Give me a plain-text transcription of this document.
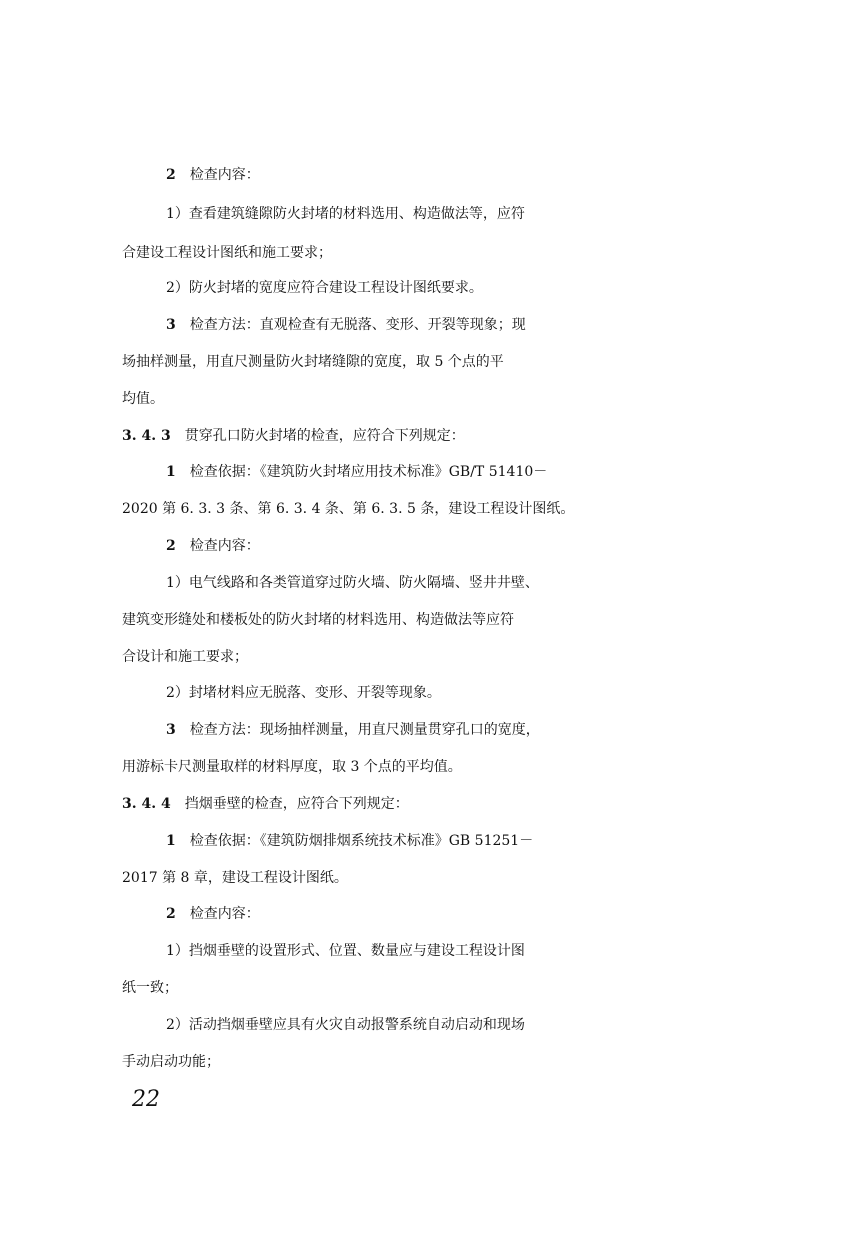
2 检查内容：
1）查看建筑缝隙防火封堵的材料选用、构造做法等，应符
合建设工程设计图纸和施工要求；
2）防火封堵的宽度应符合建设工程设计图纸要求。
3 检查方法：直观检查有无脱落、变形、开裂等现象；现
场抽样测量，用直尺测量防火封堵缝隙的宽度，取 5 个点的平
均值。
3. 4. 3 贯穿孔口防火封堵的检查，应符合下列规定：
1 检查依据：《建筑防火封堵应用技术标准》GB/T 51410－
2020 第 6. 3. 3 条、第 6. 3. 4 条、第 6. 3. 5 条，建设工程设计图纸。
2 检查内容：
1）电气线路和各类管道穿过防火墙、防火隔墙、竖井井壁、
建筑变形缝处和楼板处的防火封堵的材料选用、构造做法等应符
合设计和施工要求；
2）封堵材料应无脱落、变形、开裂等现象。
3 检查方法：现场抽样测量，用直尺测量贯穿孔口的宽度，
用游标卡尺测量取样的材料厚度，取 3 个点的平均值。
3. 4. 4 挡烟垂壁的检查，应符合下列规定：
1 检查依据：《建筑防烟排烟系统技术标准》GB 51251－
2017 第 8 章，建设工程设计图纸。
2 检查内容：
1）挡烟垂壁的设置形式、位置、数量应与建设工程设计图
纸一致；
2）活动挡烟垂壁应具有火灾自动报警系统自动启动和现场
手动启动功能；
22
